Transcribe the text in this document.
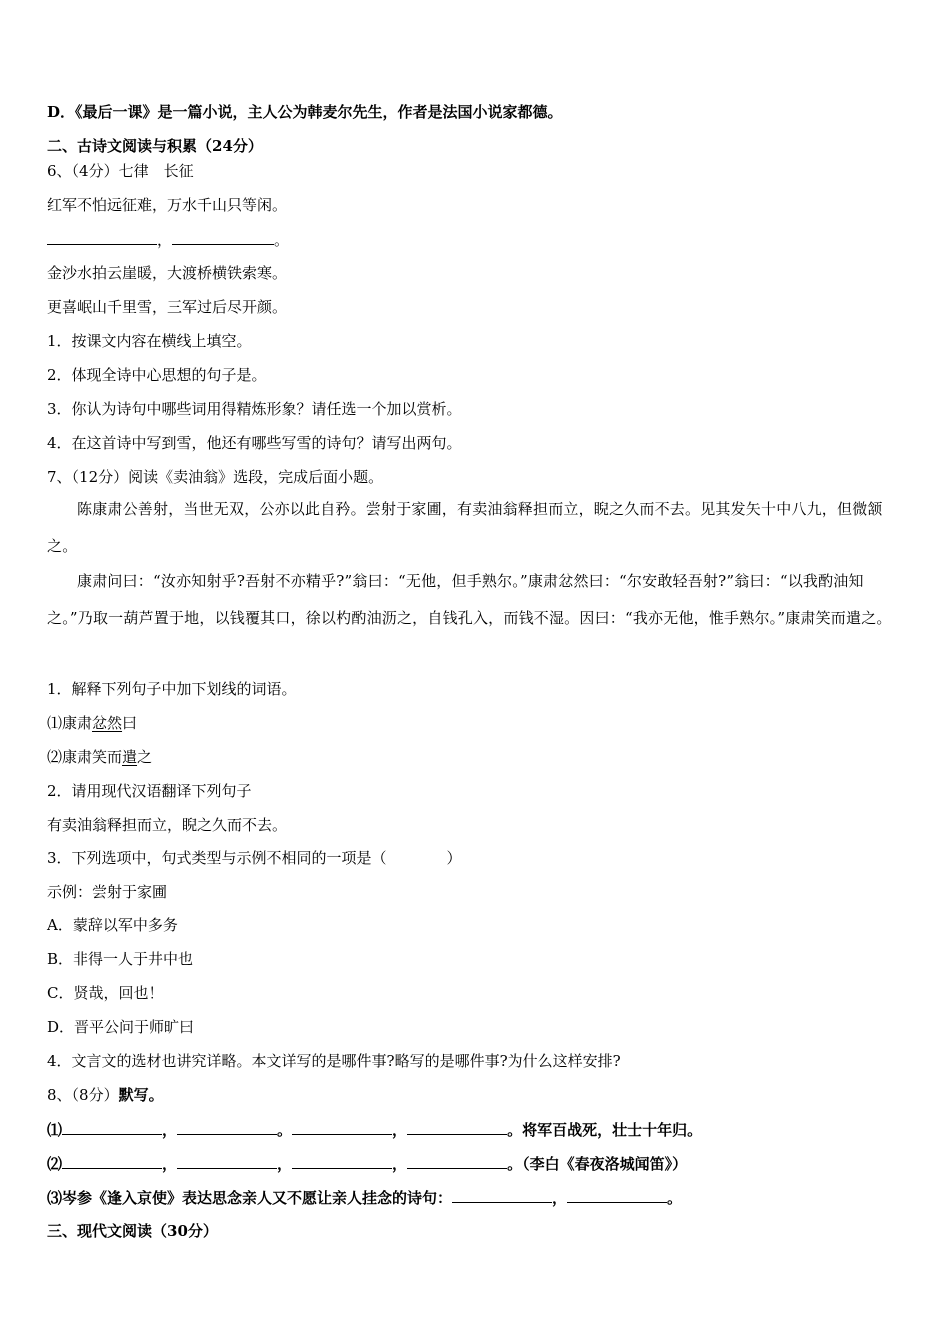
D．《最后一课》是一篇小说，主人公为韩麦尔先生，作者是法国小说家都德。
二、古诗文阅读与积累（24分）
6、（4分）七律　长征
红军不怕远征难，万水千山只等闲。
，	。
金沙水拍云崖暖，大渡桥横铁索寒。
更喜岷山千里雪，三军过后尽开颜。
1．按课文内容在横线上填空。
2．体现全诗中心思想的句子是。
3．你认为诗句中哪些词用得精炼形象？请任选一个加以赏析。
4．在这首诗中写到雪，他还有哪些写雪的诗句？请写出两句。
7、（12分）阅读《卖油翁》选段，完成后面小题。
陈康肃公善射，当世无双，公亦以此自矜。尝射于家圃，有卖油翁释担而立，睨之久而不去。见其发矢十中八九，但微颔之。
康肃问曰：“汝亦知射乎?吾射不亦精乎?”翁曰：“无他，但手熟尔。”康肃忿然曰：“尔安敢轻吾射?”翁曰：“以我酌油知之。”乃取一葫芦置于地，以钱覆其口，徐以杓酌油沥之，自钱孔入，而钱不湿。因曰：“我亦无他，惟手熟尔。”康肃笑而遣之。
1．解释下列句子中加下划线的词语。
⑴康肃忿然曰
⑵康肃笑而遣之
2．请用现代汉语翻译下列句子
有卖油翁释担而立，睨之久而不去。
3．下列选项中，句式类型与示例不相同的一项是（　　　　）
示例：尝射于家圃
A．蒙辞以军中多务
B．非得一人于井中也
C．贤哉，回也！
D．晋平公问于师旷曰
4．文言文的选材也讲究详略。本文详写的是哪件事?略写的是哪件事?为什么这样安排?
8、（8分）默写。
⑴	，	。	，	。将军百战死，壮士十年归。
⑵	，	，	，	。（李白《春夜洛城闻笛》）
⑶岑参《逢入京使》表达思念亲人又不愿让亲人挂念的诗句：	，	。
三、现代文阅读（30分）
